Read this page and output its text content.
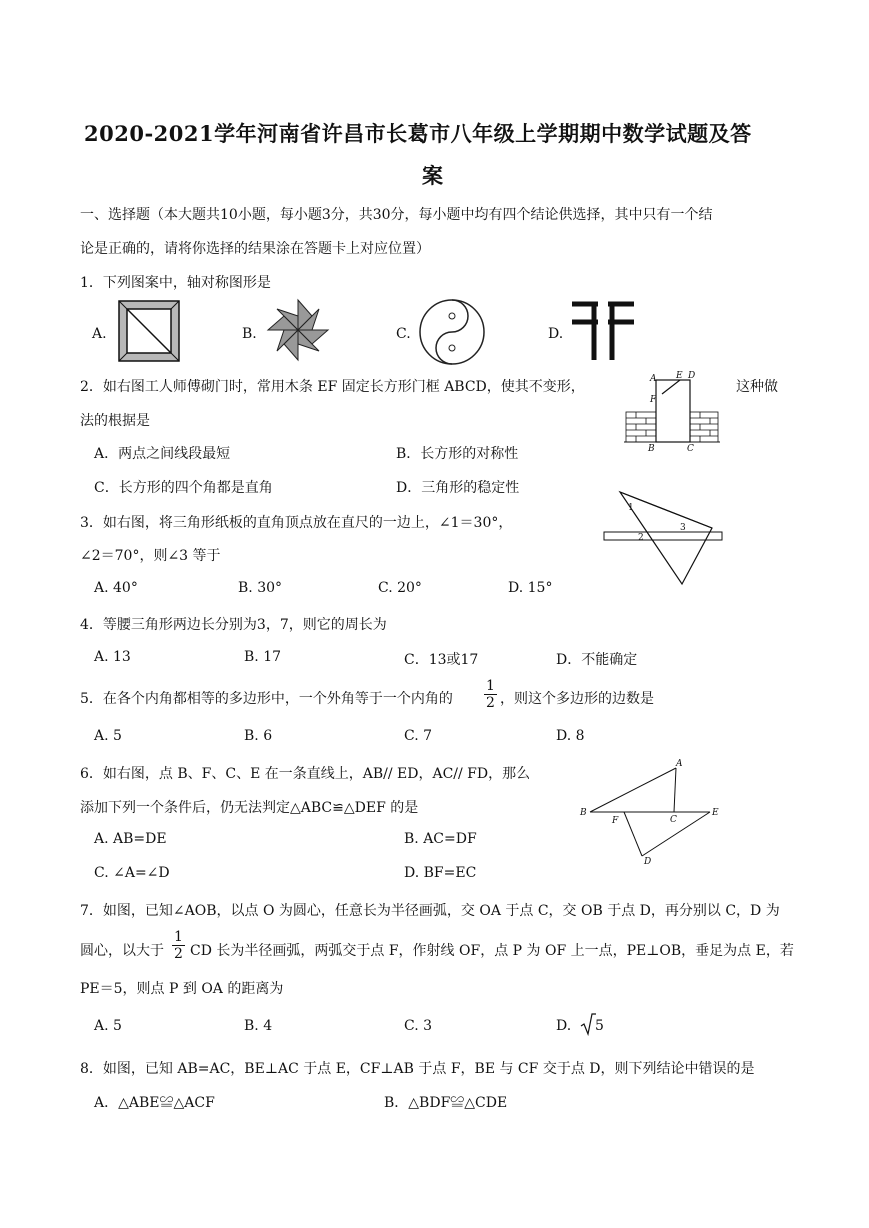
2020-2021学年河南省许昌市长葛市八年级上学期期中数学试题及答
案
一、选择题（本大题共10小题，每小题3分，共30分，每小题中均有四个结论供选择，其中只有一个结
论是正确的，请将你选择的结果涂在答题卡上对应位置）
1．下列图案中，轴对称图形是
A.	B.	C.	D.
2．如右图工人师傅砌门时，常用木条 EF 固定长方形门框 ABCD，使其不变形，	这种做
法的根据是
A．两点之间线段最短	B．长方形的对称性
C．长方形的四个角都是直角	D．三角形的稳定性
A E D
F
B	C
3．如右图，将三角形纸板的直角顶点放在直尺的一边上，∠1＝30°，
∠2＝70°，则∠3 等于
A. 40°	B. 30°	C. 20°	D. 15°
1
2
3
4．等腰三角形两边长分别为3，7，则它的周长为
A. 13	B. 17	C．13或17	D．不能确定
5．在各个内角都相等的多边形中，一个外角等于一个内角的 $\frac{1}{2}$ ，则这个多边形的边数是
A. 5	B. 6	C. 7	D. 8
6．如右图，点 B、F、C、E 在一条直线上，AB// ED，AC// FD，那么
添加下列一个条件后，仍无法判定△ABC≌△DEF 的是
A. AB=DE	B. AC=DF
C. ∠A=∠D	D. BF=EC
A
B
F	C
E
D
7．如图，已知∠AOB，以点 O 为圆心，任意长为半径画弧，交 OA 于点 C，交 OB 于点 D，再分别以 C，D 为
圆心，以大于 $\frac{1}{2}$ CD 长为半径画弧，两弧交于点 F，作射线 OF，点 P 为 OF 上一点，PE⊥OB，垂足为点 E，若
PE＝5，则点 P 到 OA 的距离为
A. 5	B. 4	C. 3	D. 5
8．如图，已知 AB=AC，BE⊥AC 于点 E，CF⊥AB 于点 F，BE 与 CF 交于点 D，则下列结论中错误的是
A．△ABE≌△ACF	B．△BDF≌△CDE
